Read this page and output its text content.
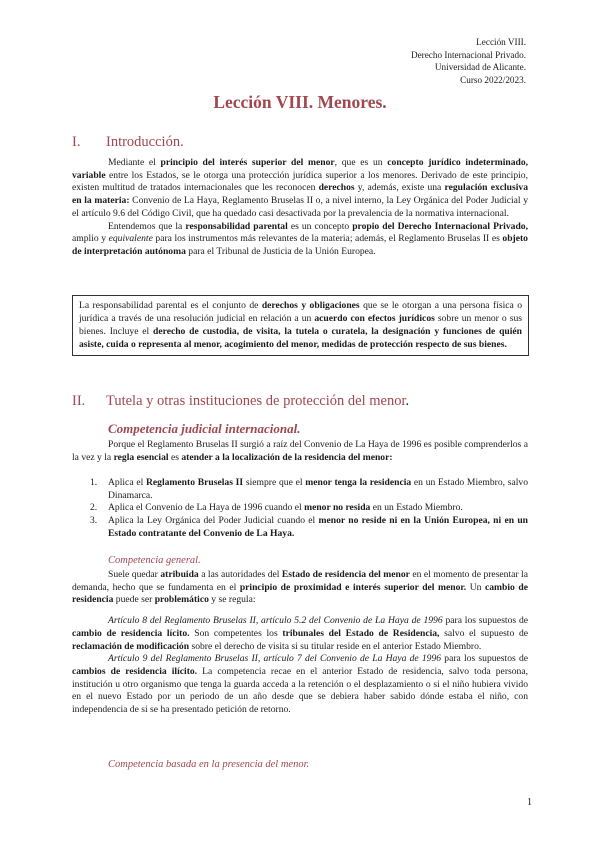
Lección VIII.
Derecho Internacional Privado.
Universidad de Alicante.
Curso 2022/2023.
Lección VIII. Menores.
I. Introducción.

Mediante el principio del interés superior del menor, que es un concepto jurídico indeterminado, variable entre los Estados, se le otorga una protección jurídica superior a los menores. Derivado de este principio, existen multitud de tratados internacionales que les reconocen derechos y, además, existe una regulación exclusiva en la materia: Convenio de La Haya, Reglamento Bruselas II o, a nivel interno, la Ley Orgánica del Poder Judicial y el artículo 9.6 del Código Civil, que ha quedado casi desactivada por la prevalencia de la normativa internacional.

Entendemos que la responsabilidad parental es un concepto propio del Derecho Internacional Privado, amplio y equivalente para los instrumentos más relevantes de la materia; además, el Reglamento Bruselas II es objeto de interpretación autónoma para el Tribunal de Justicia de la Unión Europea.

La responsabilidad parental es el conjunto de derechos y obligaciones que se le otorgan a una persona física o jurídica a través de una resolución judicial en relación a un acuerdo con efectos jurídicos sobre un menor o sus bienes. Incluye el derecho de custodia, de visita, la tutela o curatela, la designación y funciones de quién asiste, cuida o representa al menor, acogimiento del menor, medidas de protección respecto de sus bienes.
II. Tutela y otras instituciones de protección del menor.
Competencia judicial internacional.

Porque el Reglamento Bruselas II surgió a raíz del Convenio de La Haya de 1996 es posible comprenderlos a la vez y la regla esencial es atender a la localización de la residencia del menor:

1. Aplica el Reglamento Bruselas II siempre que el menor tenga la residencia en un Estado Miembro, salvo Dinamarca.
2. Aplica el Convenio de La Haya de 1996 cuando el menor no resida en un Estado Miembro.
3. Aplica la Ley Orgánica del Poder Judicial cuando el menor no reside ni en la Unión Europea, ni en un Estado contratante del Convenio de La Haya.
Competencia general.

Suele quedar atribuida a las autoridades del Estado de residencia del menor en el momento de presentar la demanda, hecho que se fundamenta en el principio de proximidad e interés superior del menor. Un cambio de residencia puede ser problemático y se regula:

Artículo 8 del Reglamento Bruselas II, artículo 5.2 del Convenio de La Haya de 1996 para los supuestos de cambio de residencia lícito. Son competentes los tribunales del Estado de Residencia, salvo el supuesto de reclamación de modificación sobre el derecho de visita si su titular reside en el anterior Estado Miembro.

Artículo 9 del Reglamento Bruselas II, artículo 7 del Convenio de La Haya de 1996 para los supuestos de cambios de residencia ilícito. La competencia recae en el anterior Estado de residencia, salvo toda persona, institución u otro organismo que tenga la guarda acceda a la retención o el desplazamiento o si el niño hubiera vivido en el nuevo Estado por un periodo de un año desde que se debiera haber sabido dónde estaba el niño, con independencia de si se ha presentado petición de retorno.

Competencia basada en la presencia del menor.
1
